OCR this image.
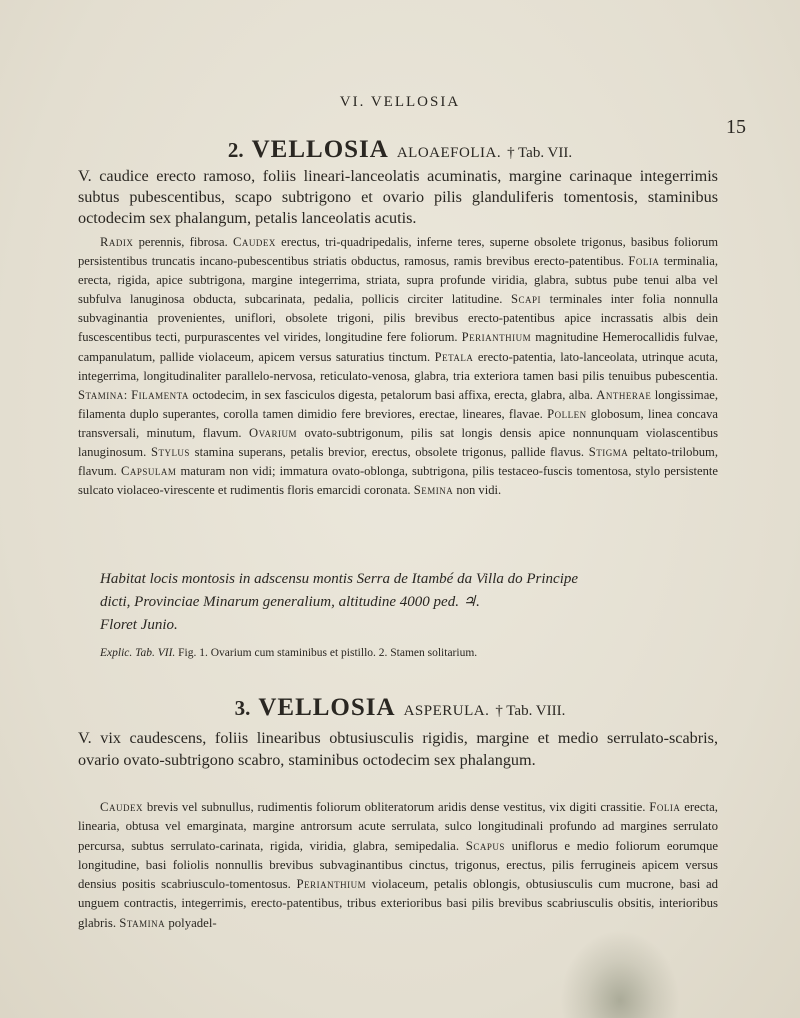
VI. VELLOSIA
15
2. VELLOSIA ALOAEFOLIA. † Tab. VII.
V. caudice erecto ramoso, foliis lineari-lanceolatis acuminatis, margine carinaque integerrimis subtus pubescentibus, scapo subtrigono et ovario pilis glanduliferis tomentosis, staminibus octodecim sex phalangum, petalis lanceolatis acutis.
Radix perennis, fibrosa. Caudex erectus, tri-quadripedalis, inferne teres, superne obsolete trigonus, basibus foliorum persistentibus truncatis incano-pubescentibus striatis obductus, ramosus, ramis brevibus erecto-patentibus. Folia terminalia, erecta, rigida, apice subtrigona, margine integerrima, striata, supra profunde viridia, glabra, subtus pube tenui alba vel subfulva lanuginosa obducta, subcarinata, pedalia, pollicis circiter latitudine. Scapi terminales inter folia nonnulla subvaginantia provenientes, uniflori, obsolete trigoni, pilis brevibus erecto-patentibus apice incrassatis albis dein fuscescentibus tecti, purpurascentes vel virides, longitudine fere foliorum. Perianthium magnitudine Hemerocallidis fulvae, campanulatum, pallide violaceum, apicem versus saturatius tinctum. Petala erecto-patentia, lato-lanceolata, utrinque acuta, integerrima, longitudinaliter parallelo-nervosa, reticulato-venosa, glabra, tria exteriora tamen basi pilis tenuibus pubescentia. Stamina: Filamenta octodecim, in sex fasciculos digesta, petalorum basi affixa, erecta, glabra, alba. Antherae longissimae, filamenta duplo superantes, corolla tamen dimidio fere breviores, erectae, lineares, flavae. Pollen globosum, linea concava transversali, minutum, flavum. Ovarium ovato-subtrigonum, pilis sat longis densis apice nonnunquam violascentibus lanuginosum. Stylus stamina superans, petalis brevior, erectus, obsolete trigonus, pallide flavus. Stigma peltato-trilobum, flavum. Capsulam maturam non vidi; immatura ovato-oblonga, subtrigona, pilis testaceo-fuscis tomentosa, stylo persistente sulcato violaceo-virescente et rudimentis floris emarcidi coronata. Semina non vidi.
Habitat locis montosis in adscensu montis Serra de Itambé da Villa do Principe
dicti, Provinciae Minarum generalium, altitudine 4000 ped. ♃.
Floret Junio.
Explic. Tab. VII. Fig. 1. Ovarium cum staminibus et pistillo. 2. Stamen solitarium.
3. VELLOSIA ASPERULA. † Tab. VIII.
V. vix caudescens, foliis linearibus obtusiusculis rigidis, margine et medio serrulato-scabris, ovario ovato-subtrigono scabro, staminibus octodecim sex phalangum.
Caudex brevis vel subnullus, rudimentis foliorum obliteratorum aridis dense vestitus, vix digiti crassitie. Folia erecta, linearia, obtusa vel emarginata, margine antrorsum acute serrulata, sulco longitudinali profundo ad margines serrulato percursa, subtus serrulato-carinata, rigida, viridia, glabra, semipedalia. Scapus uniflorus e medio foliorum eorumque longitudine, basi foliolis nonnullis brevibus subvaginantibus cinctus, trigonus, erectus, pilis ferrugineis apicem versus densius positis scabriusculo-tomentosus. Perianthium violaceum, petalis oblongis, obtusiusculis cum mucrone, basi ad unguem contractis, integerrimis, erecto-patentibus, tribus exterioribus basi pilis brevibus scabriusculis obsitis, interioribus glabris. Stamina polyadel-
